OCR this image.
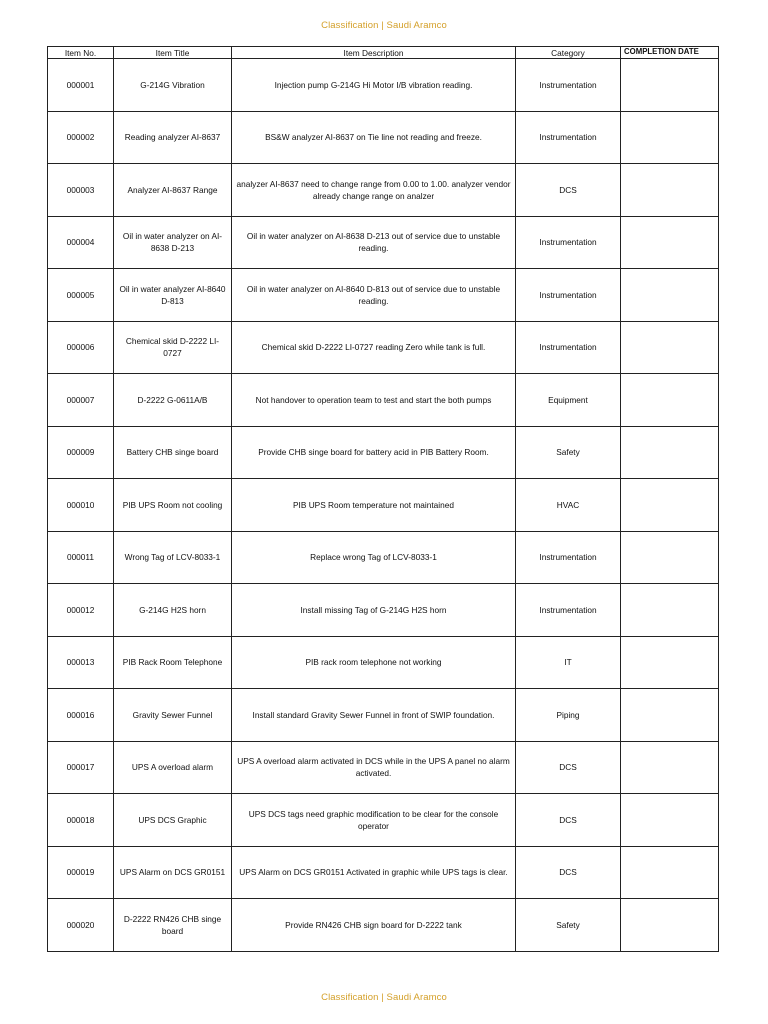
Classification | Saudi Aramco
Item No.	Item Title	Item Description	Category	COMPLETION DATE
000001	G-214G Vibration	Injection pump G-214G Hi Motor I/B vibration reading.	Instrumentation	
000002	Reading analyzer AI-8637	BS&W analyzer AI-8637 on Tie line not reading and freeze.	Instrumentation	
000003	Analyzer AI-8637 Range	analyzer AI-8637 need to change range from 0.00 to 1.00. analyzer vendor already change range on analzer	DCS	
000004	Oil in water analyzer on AI-8638 D-213	Oil in water analyzer on AI-8638 D-213 out of service due to unstable reading.	Instrumentation	
000005	Oil in water analyzer AI-8640 D-813	Oil in water analyzer on AI-8640 D-813 out of service due to unstable reading.	Instrumentation	
000006	Chemical skid D-2222 LI-0727	Chemical skid D-2222 LI-0727 reading Zero while tank is full.	Instrumentation	
000007	D-2222 G-0611A/B	Not handover to operation team to test and start the both pumps	Equipment	
000009	Battery CHB singe board	Provide CHB singe board for battery acid in PIB Battery Room.	Safety	
000010	PIB UPS Room not cooling	PIB UPS Room temperature not maintained	HVAC	
000011	Wrong Tag of LCV-8033-1	Replace wrong Tag of LCV-8033-1	Instrumentation	
000012	G-214G H2S horn	Install missing Tag of G-214G H2S horn	Instrumentation	
000013	PIB Rack Room Telephone	PIB rack room telephone not working	IT	
000016	Gravity Sewer Funnel	Install standard Gravity Sewer Funnel in front of SWIP foundation.	Piping	
000017	UPS A overload alarm	UPS A overload alarm activated in DCS while in the UPS A panel no alarm activated.	DCS	
000018	UPS DCS Graphic	UPS DCS tags need graphic modification to be clear for the console operator	DCS	
000019	UPS Alarm on DCS GR0151	UPS Alarm on DCS GR0151 Activated in graphic while UPS tags is clear.	DCS	
000020	D-2222 RN426 CHB singe board	Provide RN426 CHB sign board for D-2222 tank	Safety	
Classification | Saudi Aramco
